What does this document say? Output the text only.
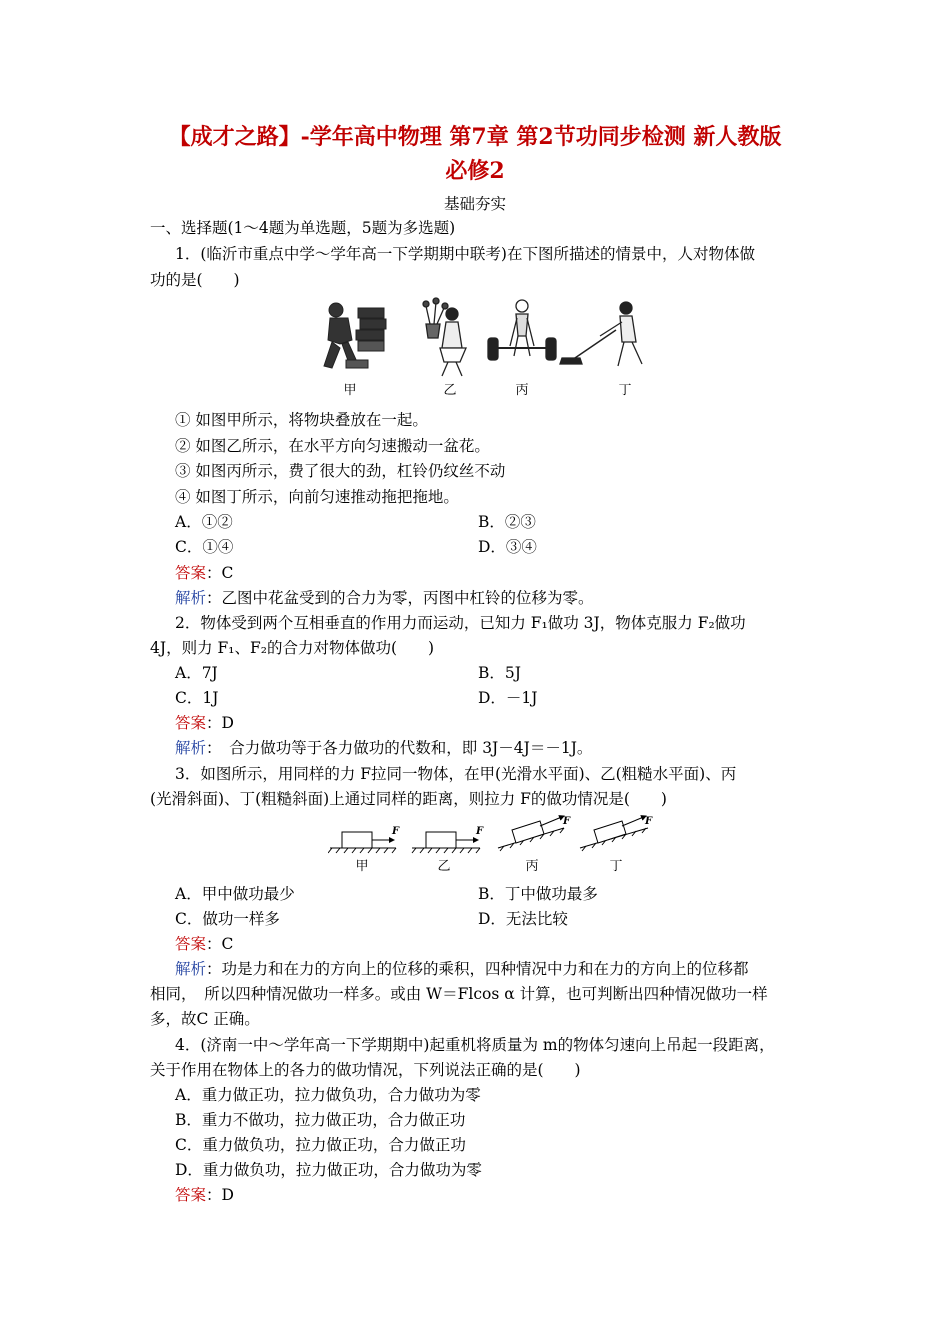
【成才之路】-学年高中物理 第7章 第2节功同步检测 新人教版
必修2
基础夯实
一、选择题(1～4题为单选题，5题为多选题)
1．(临沂市重点中学～学年高一下学期期中联考)在下图所描述的情景中，人对物体做
功的是(　　)
甲	乙	丙	丁
① 如图甲所示，将物块叠放在一起。
② 如图乙所示，在水平方向匀速搬动一盆花。
③ 如图丙所示，费了很大的劲，杠铃仍纹丝不动
④ 如图丁所示，向前匀速推动拖把拖地。
A．①②	B．②③
C．①④	D．③④
答案：C
解析：乙图中花盆受到的合力为零，丙图中杠铃的位移为零。
2．物体受到两个互相垂直的作用力而运动，已知力 F₁做功 3J，物体克服力 F₂做功
4J，则力 F₁、F₂的合力对物体做功(　　)
A．7J	B．5J
C．1J	D．－1J
答案：D
解析：　合力做功等于各力做功的代数和，即 3J－4J＝－1J。
3．如图所示，用同样的力 F拉同一物体，在甲(光滑水平面)、乙(粗糙水平面)、丙
(光滑斜面)、丁(粗糙斜面)上通过同样的距离，则拉力 F的做功情况是(　　)
F	F
F	F
甲	乙	丙	丁
A．甲中做功最少	B．丁中做功最多
C．做功一样多	D．无法比较
答案：C
解析：功是力和在力的方向上的位移的乘积，四种情况中力和在力的方向上的位移都
相同，　所以四种情况做功一样多。或由 W＝Flcos α 计算，也可判断出四种情况做功一样
多，故C 正确。
4．(济南一中～学年高一下学期期中)起重机将质量为 m的物体匀速向上吊起一段距离，
关于作用在物体上的各力的做功情况，下列说法正确的是(　　)
A．重力做正功，拉力做负功，合力做功为零
B．重力不做功，拉力做正功，合力做正功
C．重力做负功，拉力做正功，合力做正功
D．重力做负功，拉力做正功，合力做功为零
答案：D
